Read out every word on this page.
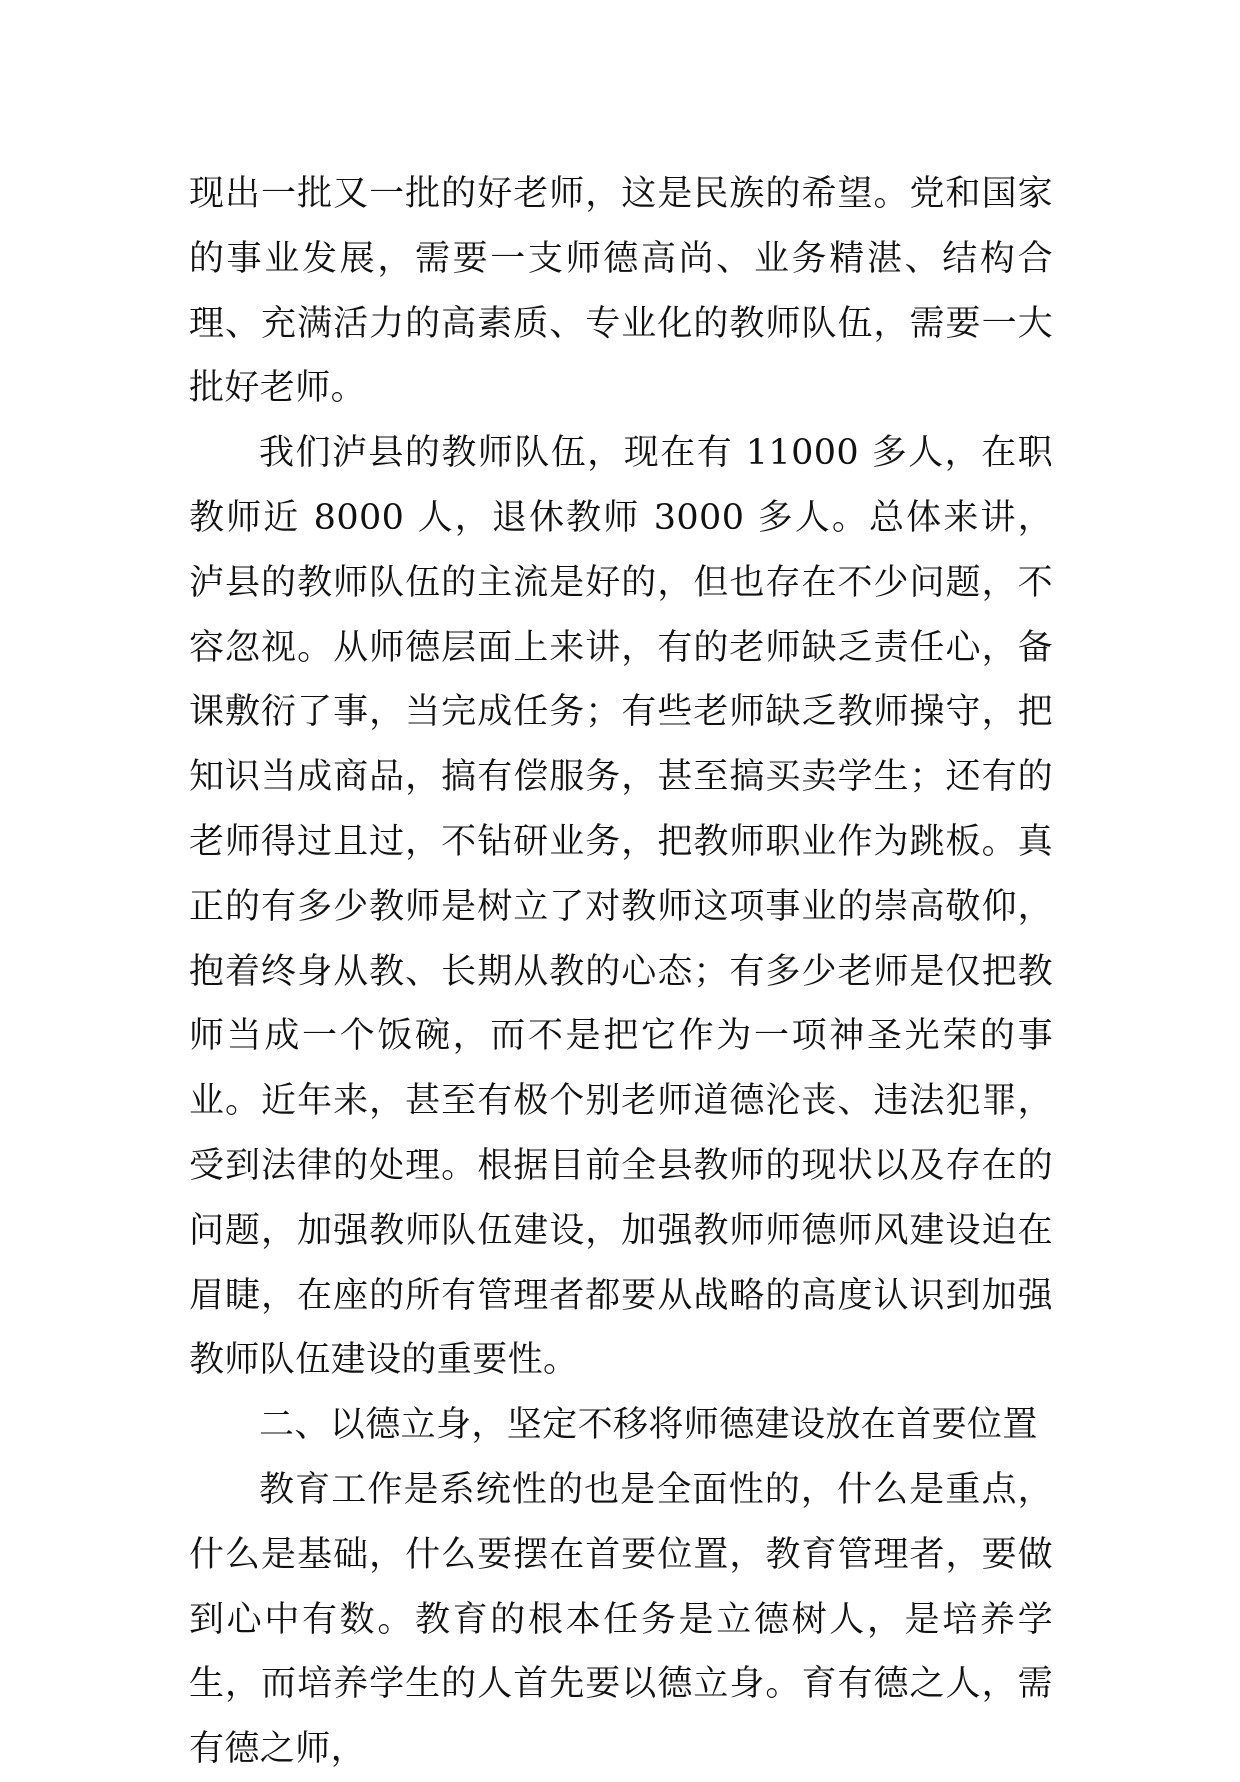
现出一批又一批的好老师，这是民族的希望。党和国家的事业发展，需要一支师德高尚、业务精湛、结构合理、充满活力的高素质、专业化的教师队伍，需要一大批好老师。

我们泸县的教师队伍，现在有 11000 多人，在职教师近 8000 人，退休教师 3000 多人。总体来讲，泸县的教师队伍的主流是好的，但也存在不少问题，不容忽视。从师德层面上来讲，有的老师缺乏责任心，备课敷衍了事，当完成任务；有些老师缺乏教师操守，把知识当成商品，搞有偿服务，甚至搞买卖学生；还有的老师得过且过，不钻研业务，把教师职业作为跳板。真正的有多少教师是树立了对教师这项事业的崇高敬仰，抱着终身从教、长期从教的心态；有多少老师是仅把教师当成一个饭碗，而不是把它作为一项神圣光荣的事业。近年来，甚至有极个别老师道德沦丧、违法犯罪，受到法律的处理。根据目前全县教师的现状以及存在的问题，加强教师队伍建设，加强教师师德师风建设迫在眉睫，在座的所有管理者都要从战略的高度认识到加强教师队伍建设的重要性。

二、以德立身，坚定不移将师德建设放在首要位置

教育工作是系统性的也是全面性的，什么是重点，什么是基础，什么要摆在首要位置，教育管理者，要做到心中有数。教育的根本任务是立德树人，是培养学生，而培养学生的人首先要以德立身。育有德之人，需有德之师，
